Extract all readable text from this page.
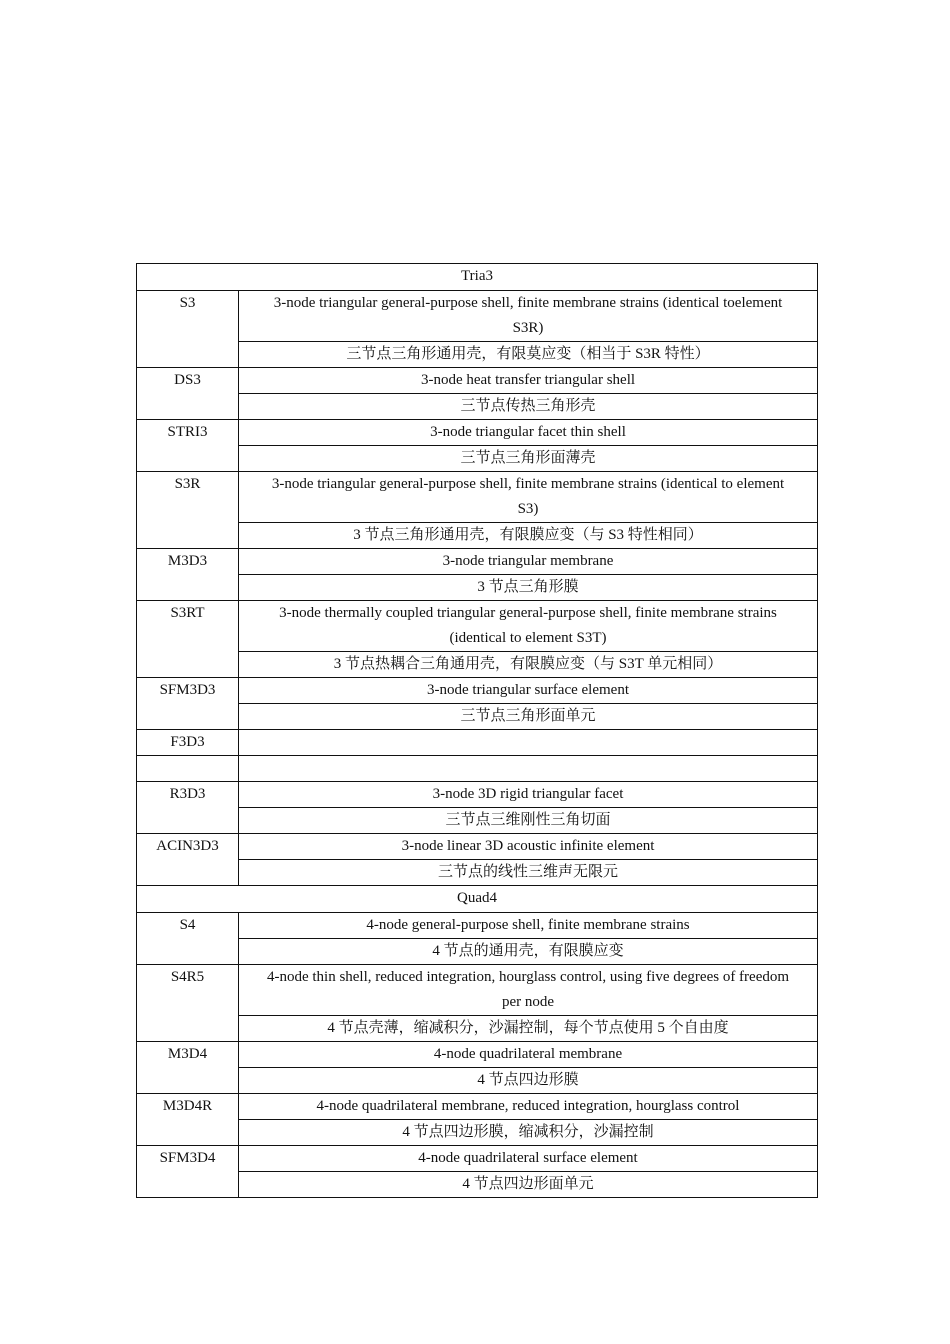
Tria3	
S3	3-node triangular general-purpose shell, finite membrane strains (identical toelement S3R)
	三节点三角形通用壳，有限莫应变（相当于 S3R 特性）
DS3	3-node heat transfer triangular shell
	三节点传热三角形壳
STRI3	3-node triangular facet thin shell
	三节点三角形面薄壳
S3R	3-node triangular general-purpose shell, finite membrane strains (identical to element S3)
	3 节点三角形通用壳，有限膜应变（与 S3 特性相同）
M3D3	3-node triangular membrane
	3 节点三角形膜
S3RT	3-node thermally coupled triangular general-purpose shell, finite membrane strains (identical to element S3T)
	3 节点热耦合三角通用壳，有限膜应变（与 S3T 单元相同）
SFM3D3	3-node triangular surface element
	三节点三角形面单元
F3D3	

R3D3	3-node 3D rigid triangular facet
	三节点三维刚性三角切面
ACIN3D3	3-node linear 3D acoustic infinite element
	三节点的线性三维声无限元
Quad4	
S4	4-node general-purpose shell, finite membrane strains
	4 节点的通用壳，有限膜应变
S4R5	4-node thin shell, reduced integration, hourglass control, using five degrees of freedom per node
	4 节点壳薄，缩减积分，沙漏控制，每个节点使用 5 个自由度
M3D4	4-node quadrilateral membrane
	4 节点四边形膜
M3D4R	4-node quadrilateral membrane, reduced integration, hourglass control
	4 节点四边形膜，缩减积分，沙漏控制
SFM3D4	4-node quadrilateral surface element
	4 节点四边形面单元
